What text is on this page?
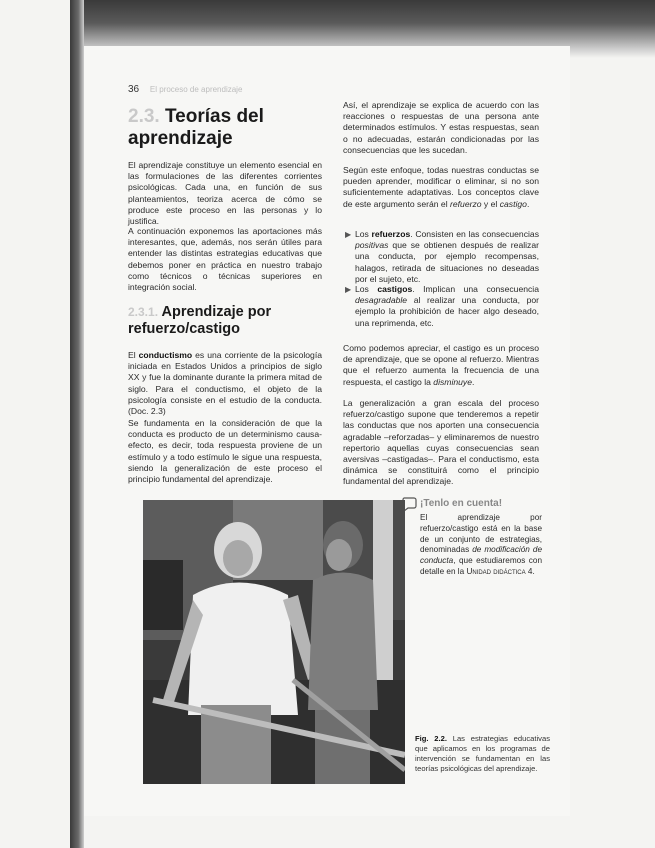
36 El proceso de aprendizaje
2.3. Teorías del aprendizaje
El aprendizaje constituye un elemento esencial en las formulaciones de las diferentes corrientes psicológicas. Cada una, en función de sus planteamientos, teoriza acerca de cómo se produce este proceso en las personas y lo justifica.
A continuación exponemos las aportaciones más interesantes, que, además, nos serán útiles para entender las distintas estrategias educativas que debemos poner en práctica en nuestro trabajo como técnicos o técnicas superiores en integración social.
2.3.1. Aprendizaje por refuerzo/castigo
El conductismo es una corriente de la psicología iniciada en Estados Unidos a principios de siglo XX y fue la dominante durante la primera mitad de siglo. Para el conductismo, el objeto de la psicología consiste en el estudio de la conducta. (Doc. 2.3)
Se fundamenta en la consideración de que la conducta es producto de un determinismo causa-efecto, es decir, toda respuesta proviene de un estímulo y a todo estímulo le sigue una respuesta, siendo la generalización de este proceso el principio fundamental del aprendizaje.
Así, el aprendizaje se explica de acuerdo con las reacciones o respuestas de una persona ante determinados estímulos. Y estas respuestas, sean o no adecuadas, estarán condicionadas por las consecuencias que les sucedan.
Según este enfoque, todas nuestras conductas se pueden aprender, modificar o eliminar, si no son suficientemente adaptativas. Los conceptos clave de este argumento serán el refuerzo y el castigo.
▶ Los refuerzos. Consisten en las consecuencias positivas que se obtienen después de realizar una conducta, por ejemplo recompensas, halagos, retirada de situaciones no deseadas por el sujeto, etc.
▶ Los castigos. Implican una consecuencia desagradable al realizar una conducta, por ejemplo la prohibición de hacer algo deseado, una reprimenda, etc.
Como podemos apreciar, el castigo es un proceso de aprendizaje, que se opone al refuerzo. Mientras que el refuerzo aumenta la frecuencia de una respuesta, el castigo la disminuye.
La generalización a gran escala del proceso refuerzo/castigo supone que tenderemos a repetir las conductas que nos aporten una consecuencia agradable –reforzadas– y eliminaremos de nuestro repertorio aquellas cuyas consecuencias sean aversivas –castigadas–. Para el conductismo, esta dinámica se constituirá como el principio fundamental del aprendizaje.
¡Tenlo en cuenta!
El aprendizaje por refuerzo/castigo está en la base de un conjunto de estrategias, denominadas de modificación de conducta, que estudiaremos con detalle en la Unidad didáctica 4.
Fig. 2.2. Las estrategias educativas que aplicamos en los programas de intervención se fundamentan en las teorías psicológicas del aprendizaje.
